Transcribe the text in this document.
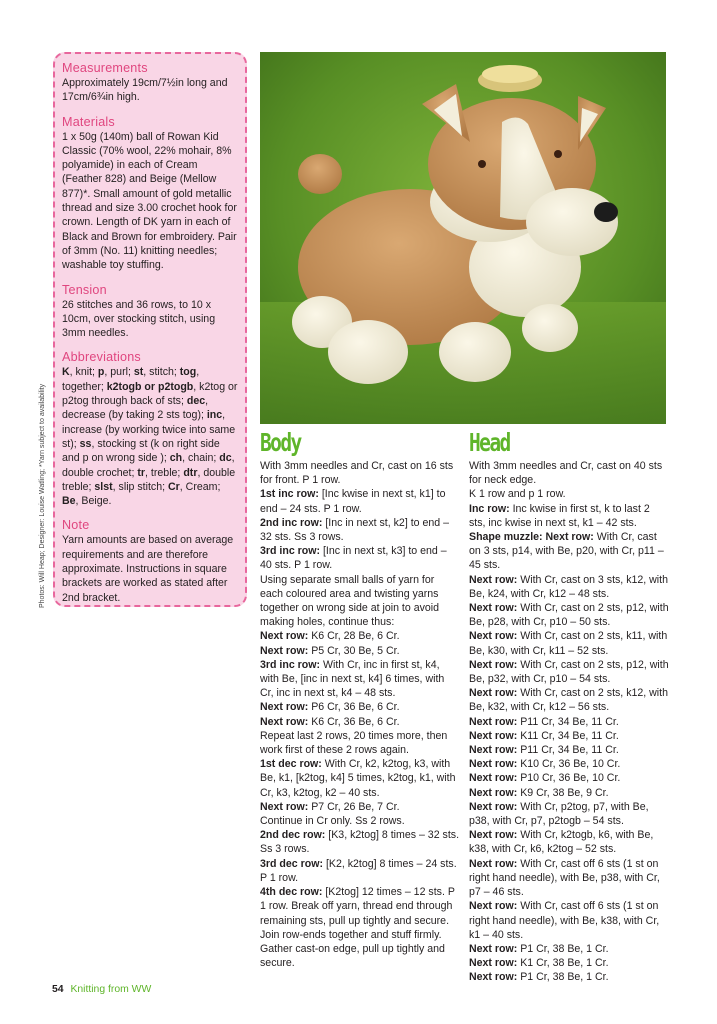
Measurements

Approximately 19cm/7½in long and 17cm/6¾in high.

Materials

1 x 50g (140m) ball of Rowan Kid Classic (70% wool, 22% mohair, 8% polyamide) in each of Cream (Feather 828) and Beige (Mellow 877)*. Small amount of gold metallic thread and size 3.00 crochet hook for crown. Length of DK yarn in each of Black and Brown for embroidery. Pair of 3mm (No. 11) knitting needles; washable toy stuffing.

Tension

26 stitches and 36 rows, to 10 x 10cm, over stocking stitch, using 3mm needles.

Abbreviations

K, knit; p, purl; st, stitch; tog, together; k2togb or p2togb, k2tog or p2tog through back of sts; dec, decrease (by taking 2 sts tog); inc, increase (by working twice into same st); ss, stocking st (k on right side and p on wrong side ); ch, chain; dc, double crochet; tr, treble; dtr, double treble; slst, slip stitch; Cr, Cream; Be, Beige.

Note

Yarn amounts are based on average requirements and are therefore approximate. Instructions in square brackets are worked as stated after 2nd bracket.

Photos: Will Heap; Designer: Louise Watling; *Yarn subject to availability	Body

With 3mm needles and Cr, cast on 16 sts for front. P 1 row.

1st inc row: [Inc kwise in next st, k1] to end – 24 sts. P 1 row.

2nd inc row: [Inc in next st, k2] to end – 32 sts. Ss 3 rows.

3rd inc row: [Inc in next st, k3] to end – 40 sts. P 1 row.

Using separate small balls of yarn for each coloured area and twisting yarns together on wrong side at join to avoid making holes, continue thus:

Next row: K6 Cr, 28 Be, 6 Cr.

Next row: P5 Cr, 30 Be, 5 Cr.

3rd inc row: With Cr, inc in first st, k4, with Be, [inc in next st, k4] 6 times, with Cr, inc in next st, k4 – 48 sts.

Next row: P6 Cr, 36 Be, 6 Cr.

Next row: K6 Cr, 36 Be, 6 Cr.

Repeat last 2 rows, 20 times more, then work first of these 2 rows again.

1st dec row: With Cr, k2, k2tog, k3, with Be, k1, [k2tog, k4] 5 times, k2tog, k1, with Cr, k3, k2tog, k2 – 40 sts.

Next row: P7 Cr, 26 Be, 7 Cr.

Continue in Cr only. Ss 2 rows.

2nd dec row: [K3, k2tog] 8 times – 32 sts. Ss 3 rows.

3rd dec row: [K2, k2tog] 8 times – 24 sts. P 1 row.

4th dec row: [K2tog] 12 times – 12 sts. P 1 row. Break off yarn, thread end through remaining sts, pull up tightly and secure.

Join row-ends together and stuff firmly. Gather cast-on edge, pull up tightly and secure.

Head

With 3mm needles and Cr, cast on 40 sts for neck edge.

K 1 row and p 1 row.

Inc row: Inc kwise in first st, k to last 2 sts, inc kwise in next st, k1 – 42 sts.

Shape muzzle: Next row: With Cr, cast on 3 sts, p14, with Be, p20, with Cr, p11 – 45 sts.

Next row: With Cr, cast on 3 sts, k12, with Be, k24, with Cr, k12 – 48 sts.

Next row: With Cr, cast on 2 sts, p12, with Be, p28, with Cr, p10 – 50 sts.

Next row: With Cr, cast on 2 sts, k11, with Be, k30, with Cr, k11 – 52 sts.

Next row: With Cr, cast on 2 sts, p12, with Be, p32, with Cr, p10 – 54 sts.

Next row: With Cr, cast on 2 sts, k12, with Be, k32, with Cr, k12 – 56 sts.

Next row: P11 Cr, 34 Be, 11 Cr.

Next row: K11 Cr, 34 Be, 11 Cr.

Next row: P11 Cr, 34 Be, 11 Cr.

Next row: K10 Cr, 36 Be, 10 Cr.

Next row: P10 Cr, 36 Be, 10 Cr.

Next row: K9 Cr, 38 Be, 9 Cr.

Next row: With Cr, p2tog, p7, with Be, p38, with Cr, p7, p2togb – 54 sts.

Next row: With Cr, k2togb, k6, with Be, k38, with Cr, k6, k2tog – 52 sts.

Next row: With Cr, cast off 6 sts (1 st on right hand needle), with Be, p38, with Cr, p7 – 46 sts.

Next row: With Cr, cast off 6 sts (1 st on right hand needle), with Be, k38, with Cr, k1 – 40 sts.

Next row: P1 Cr, 38 Be, 1 Cr.

Next row: K1 Cr, 38 Be, 1 Cr.

Next row: P1 Cr, 38 Be, 1 Cr.

54 Knitting from WW
